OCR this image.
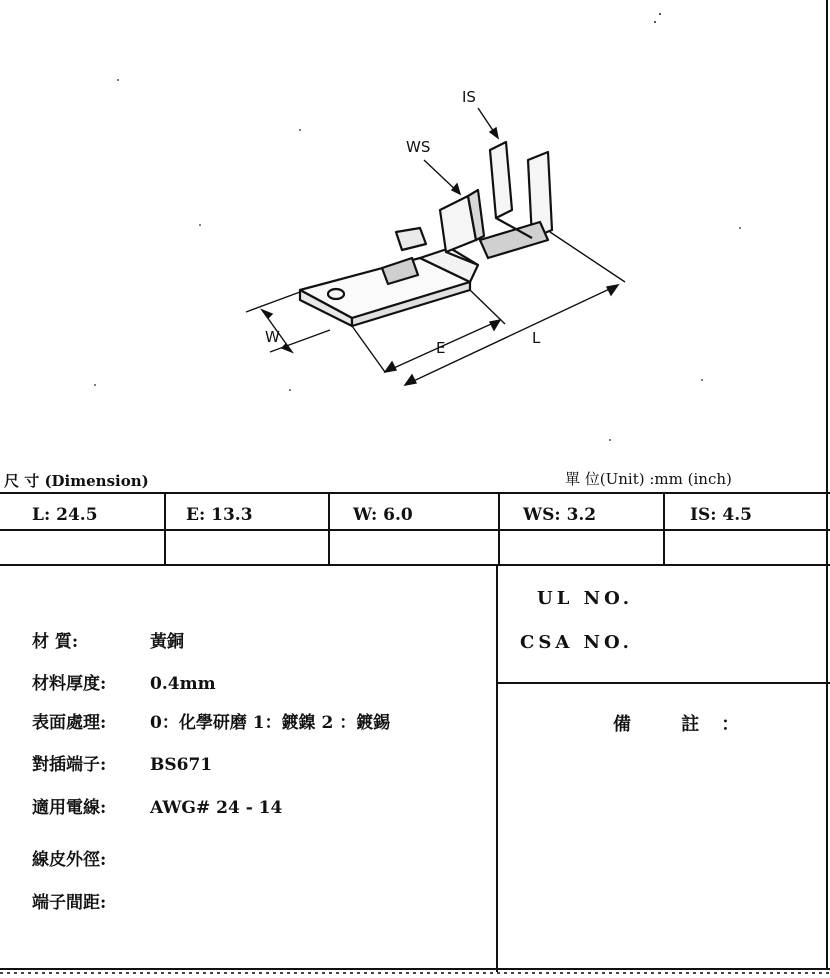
IS
WS
W
E
L
尺 寸 (Dimension)	單 位(Unit) :mm (inch)
L: 24.5	E: 13.3	W: 6.0	WS: 3.2	IS: 4.5
材 質:	黃銅
材料厚度:	0.4mm
表面處理:	0：化學研磨 1：鍍鎳 2 ：鍍錫
對插端子:	BS671
適用電線:	AWG# 24 - 14
線皮外徑:
端子間距:
UL NO.
CSA NO.
備 註：
